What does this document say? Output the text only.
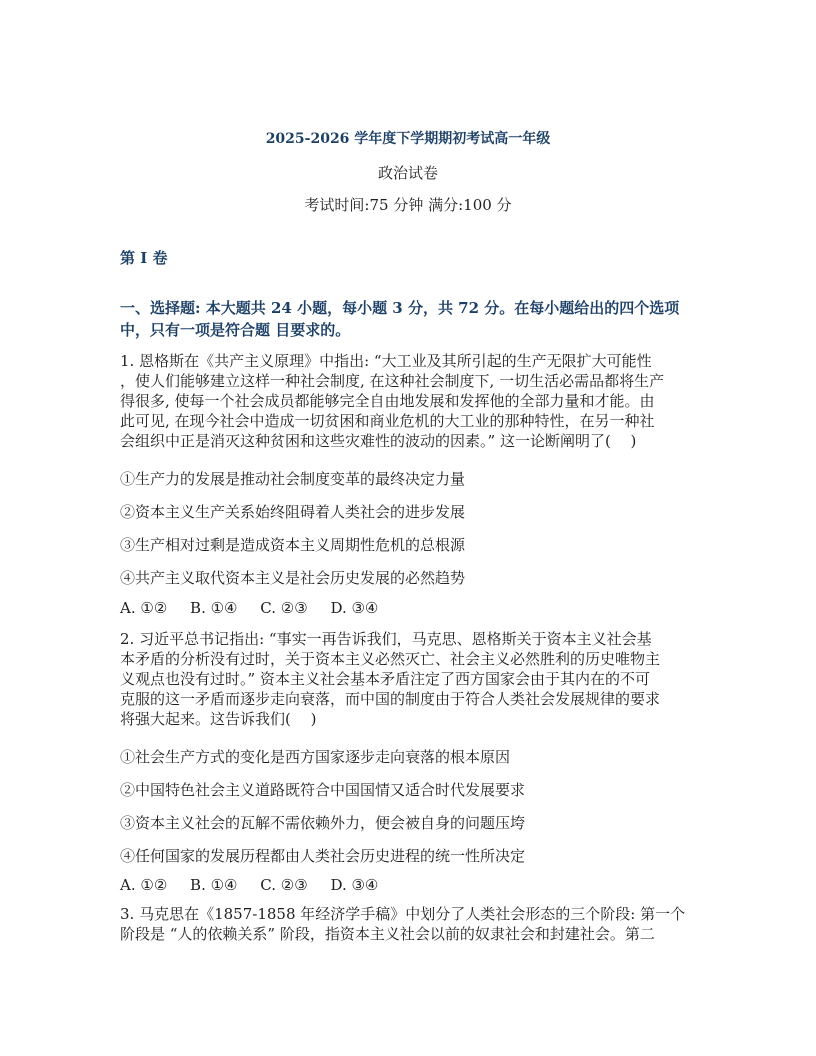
2025-2026 学年度下学期期初考试高一年级
政治试卷
考试时间:75 分钟 满分:100 分
第 I 卷
一、选择题: 本大题共 24 小题，每小题 3 分，共 72 分。在每小题给出的四个选项
中，只有一项是符合题 目要求的。
1. 恩格斯在《共产主义原理》中指出: “大工业及其所引起的生产无限扩大可能性
，使人们能够建立这样一种社会制度, 在这种社会制度下, 一切生活必需品都将生产
得很多, 使每一个社会成员都能够完全自由地发展和发挥他的全部力量和才能。由
此可见, 在现今社会中造成一切贫困和商业危机的大工业的那种特性，在另一种社
会组织中正是消灭这种贫困和这些灾难性的波动的因素。” 这一论断阐明了(　 )
①生产力的发展是推动社会制度变革的最终决定力量
②资本主义生产关系始终阻碍着人类社会的进步发展
③生产相对过剩是造成资本主义周期性危机的总根源
④共产主义取代资本主义是社会历史发展的必然趋势
A. ①② B. ①④ C. ②③ D. ③④
2. 习近平总书记指出: “事实一再告诉我们，马克思、恩格斯关于资本主义社会基
本矛盾的分析没有过时，关于资本主义必然灭亡、社会主义必然胜利的历史唯物主
义观点也没有过时。” 资本主义社会基本矛盾注定了西方国家会由于其内在的不可
克服的这一矛盾而逐步走向衰落，而中国的制度由于符合人类社会发展规律的要求
将强大起来。这告诉我们(　 )
①社会生产方式的变化是西方国家逐步走向衰落的根本原因
②中国特色社会主义道路既符合中国国情又适合时代发展要求
③资本主义社会的瓦解不需依赖外力，便会被自身的问题压垮
④任何国家的发展历程都由人类社会历史进程的统一性所决定
A. ①② B. ①④ C. ②③ D. ③④
3. 马克思在《1857-1858 年经济学手稿》中划分了人类社会形态的三个阶段: 第一个
阶段是 “人的依赖关系” 阶段，指资本主义社会以前的奴隶社会和封建社会。第二
